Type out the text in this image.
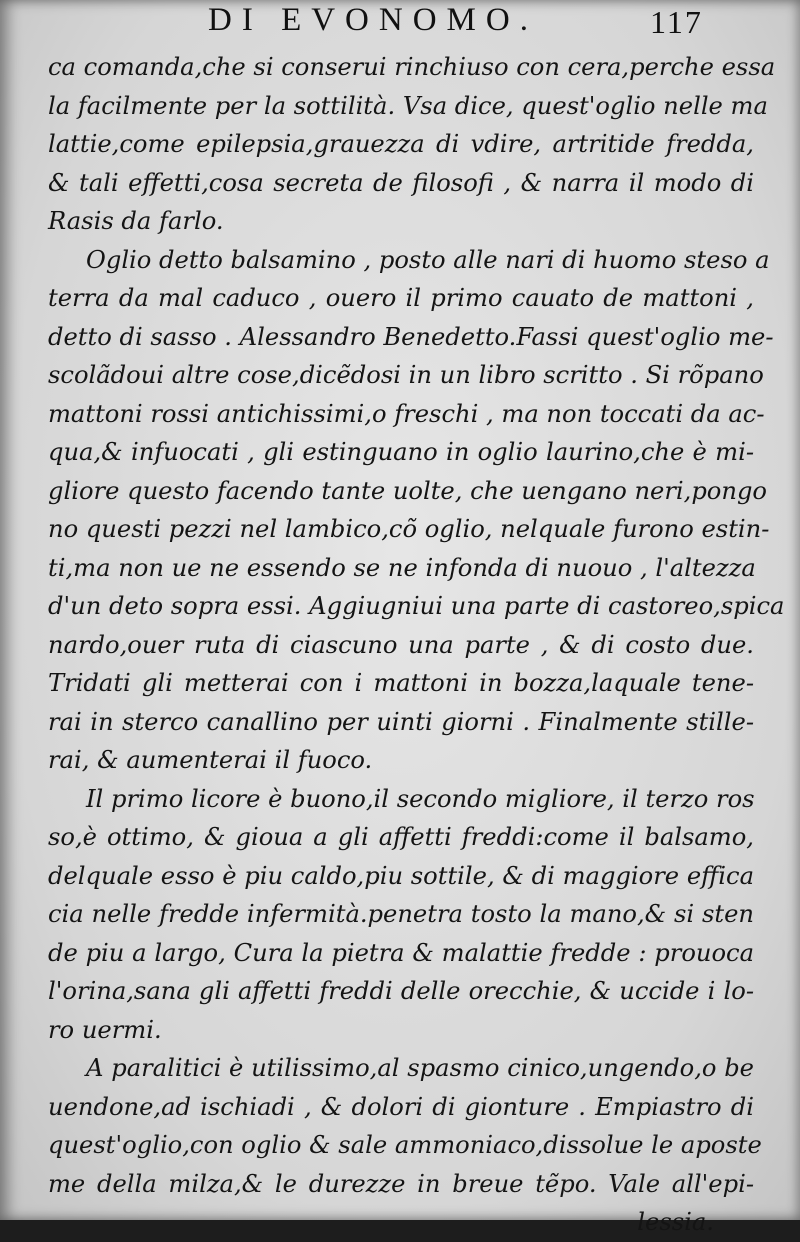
DI EVONOMO.	117
ca comanda,che si conserui rinchiuso con cera,perche essa
la facilmente per la sottilità. Vsa dice, quest'oglio nelle ma
lattie,come epilepsia,grauezza di vdire, artritide fredda,
& tali effetti,cosa secreta de filosofi , & narra il modo di
Rasis da farlo.
Oglio detto balsamino , posto alle nari di huomo steso a
terra da mal caduco , ouero il primo cauato de mattoni ,
detto di sasso . Alessandro Benedetto.Fassi quest'oglio me-
scolãdoui altre cose,dicẽdosi in un libro scritto . Si rõpano
mattoni rossi antichissimi,o freschi , ma non toccati da ac-
qua,& infuocati , gli estinguano in oglio laurino,che è mi-
gliore questo facendo tante uolte, che uengano neri,pongo
no questi pezzi nel lambico,cõ oglio, nelquale furono estin-
ti,ma non ue ne essendo se ne infonda di nuouo , l'altezza
d'un deto sopra essi. Aggiugniui una parte di castoreo,spica
nardo,ouer ruta di ciascuno una parte , & di costo due.
Tridati gli metterai con i mattoni in bozza,laquale tene-
rai in sterco canallino per uinti giorni . Finalmente stille-
rai, & aumenterai il fuoco.
Il primo licore è buono,il secondo migliore, il terzo ros
so,è ottimo, & gioua a gli affetti freddi:come il balsamo,
delquale esso è piu caldo,piu sottile, & di maggiore effica
cia nelle fredde infermità.penetra tosto la mano,& si sten
de piu a largo, Cura la pietra & malattie fredde : prouoca
l'orina,sana gli affetti freddi delle orecchie, & uccide i lo-
ro uermi.
A paralitici è utilissimo,al spasmo cinico,ungendo,o be
uendone,ad ischiadi , & dolori di gionture . Empiastro di
quest'oglio,con oglio & sale ammoniaco,dissolue le aposte
me della milza,& le durezze in breue tẽpo. Vale all'epi-
lessia.
